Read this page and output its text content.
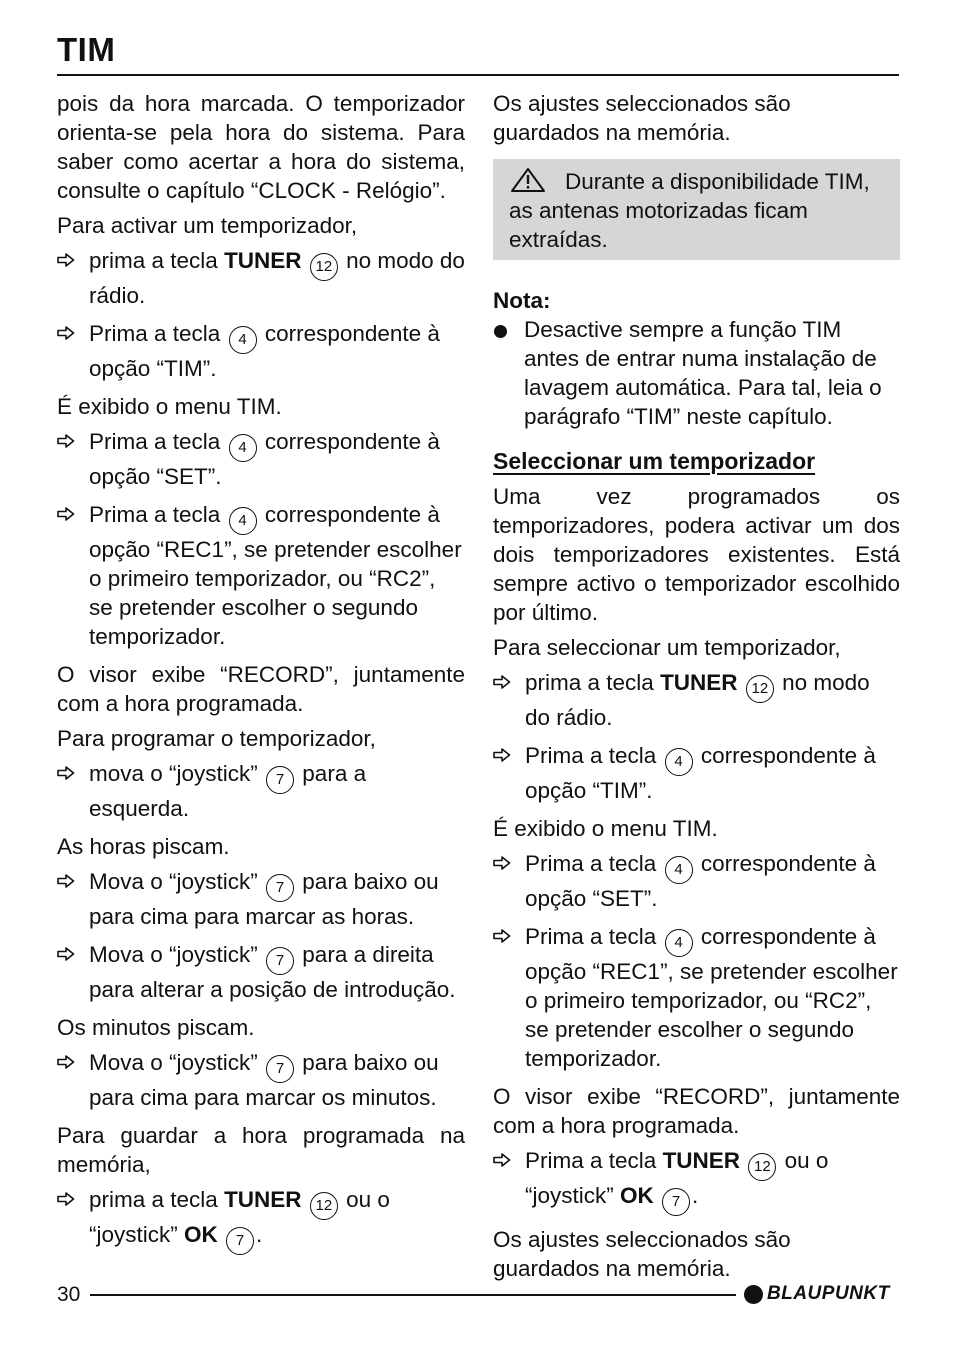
TIM
pois da hora marcada. O temporizador orienta-se pela hora do sistema. Para saber como acertar a hora do sistema, consulte o capítulo “CLOCK - Relógio”.
Para activar um temporizador,
prima a tecla TUNER 12 no modo do rádio.
Prima a tecla 4 correspondente à opção “TIM”.
É exibido o menu TIM.
Prima a tecla 4 correspondente à opção “SET”.
Prima a tecla 4 correspondente à opção “REC1”, se pretender escolher o primeiro temporizador, ou “RC2”, se pretender escolher o segundo temporizador.
O visor exibe “RECORD”, juntamente com a hora programada.
Para programar o temporizador,
mova o “joystick” 7 para a esquerda.
As horas piscam.
Mova o “joystick” 7 para baixo ou para cima para marcar as horas.
Mova o “joystick” 7 para a direita para alterar a posição de introdução.
Os minutos piscam.
Mova o “joystick” 7 para baixo ou para cima para marcar os minutos.
Para guardar a hora programada na memória,
prima a tecla TUNER 12 ou o “joystick” OK 7 .
Os ajustes seleccionados são guardados na memória.
Durante a disponibilidade TIM, as antenas motorizadas ficam extraídas.
Nota:
Desactive sempre a função TIM antes de entrar numa instalação de lavagem automática. Para tal, leia o parágrafo “TIM” neste capítulo.
Seleccionar um temporizador
Uma vez programados os temporizadores, podera activar um dos dois temporizadores existentes. Está sempre activo o temporizador escolhido por último.
Para seleccionar um temporizador,
prima a tecla TUNER 12 no modo do rádio.
Prima a tecla 4 correspondente à opção “TIM”.
É exibido o menu TIM.
Prima a tecla 4 correspondente à opção “SET”.
Prima a tecla 4 correspondente à opção “REC1”, se pretender escolher o primeiro temporizador, ou “RC2”, se pretender escolher o segundo temporizador.
O visor exibe “RECORD”, juntamente com a hora programada.
Prima a tecla TUNER 12 ou o “joystick” OK 7 .
Os ajustes seleccionados são guardados na memória.
30	BLAUPUNKT
